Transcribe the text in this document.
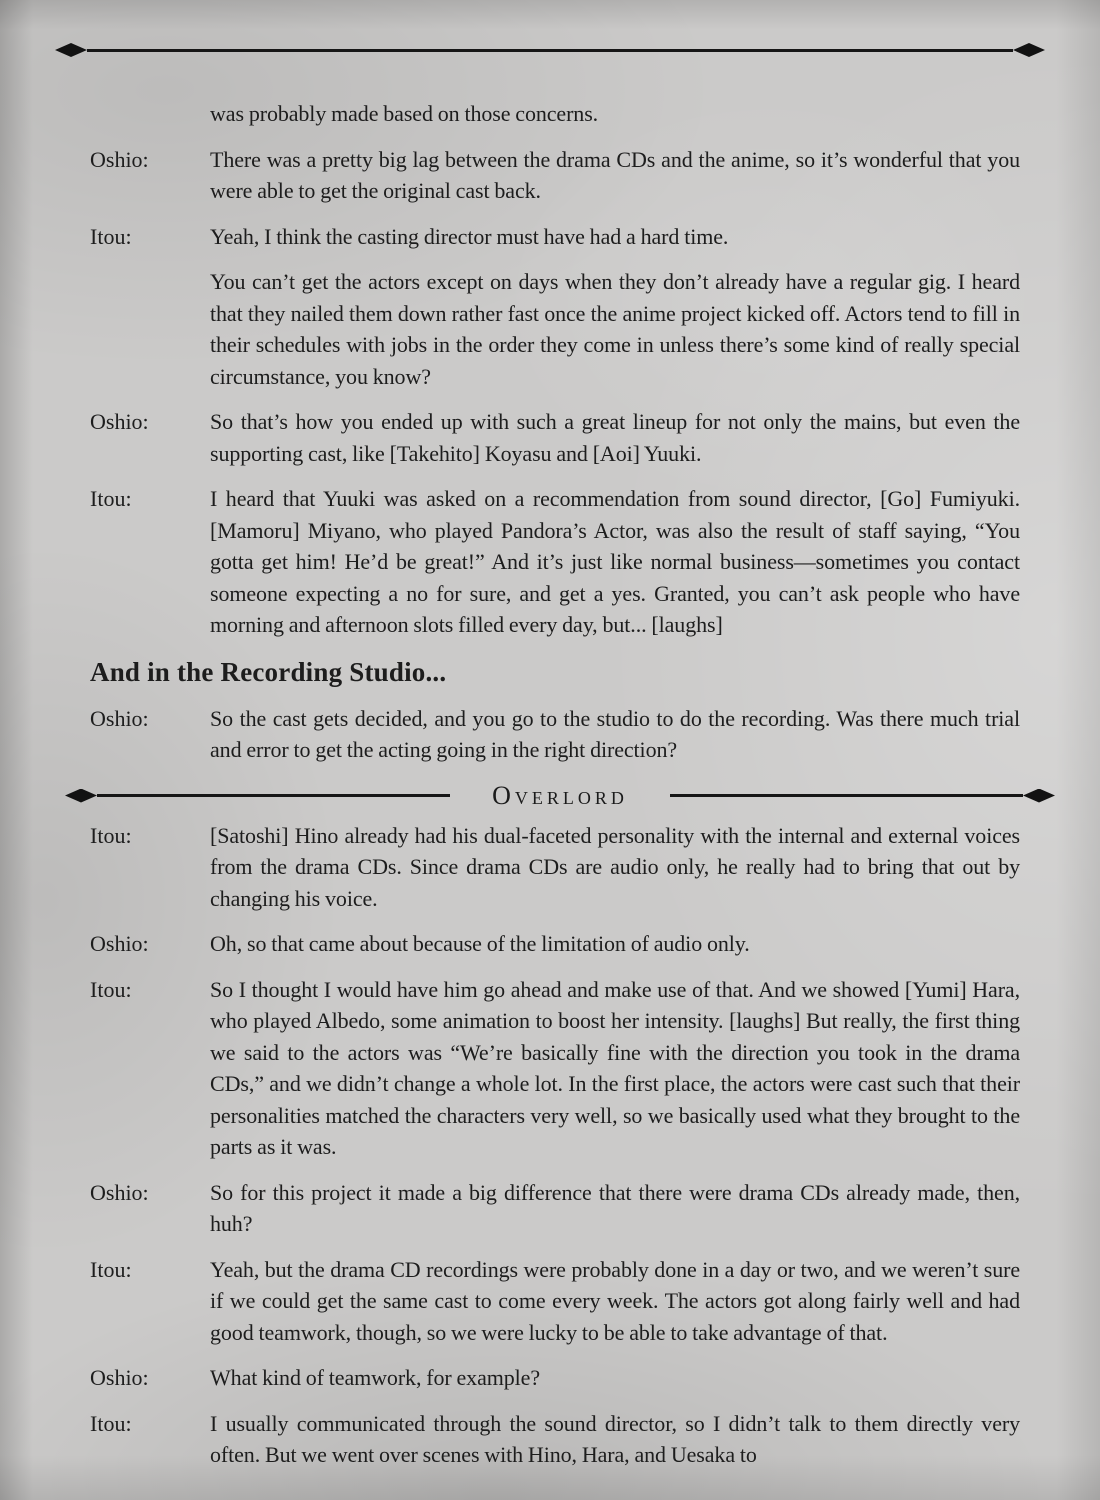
was probably made based on those concerns.
Oshio:	There was a pretty big lag between the drama CDs and the anime, so it’s wonderful that you were able to get the original cast back.
Itou:	Yeah, I think the casting director must have had a hard time.
You can’t get the actors except on days when they don’t already have a regular gig. I heard that they nailed them down rather fast once the anime project kicked off. Actors tend to fill in their schedules with jobs in the order they come in unless there’s some kind of really special circumstance, you know?
Oshio:	So that’s how you ended up with such a great lineup for not only the mains, but even the supporting cast, like [Takehito] Koyasu and [Aoi] Yuuki.
Itou:	I heard that Yuuki was asked on a recommendation from sound director, [Go] Fumiyuki. [Mamoru] Miyano, who played Pandora’s Actor, was also the result of staff saying, “You gotta get him! He’d be great!” And it’s just like normal business—sometimes you contact someone expecting a no for sure, and get a yes. Granted, you can’t ask people who have morning and afternoon slots filled every day, but... [laughs]
And in the Recording Studio...
Oshio:	So the cast gets decided, and you go to the studio to do the recording. Was there much trial and error to get the acting going in the right direction?
Overlord
Itou:	[Satoshi] Hino already had his dual-faceted personality with the internal and external voices from the drama CDs. Since drama CDs are audio only, he really had to bring that out by changing his voice.
Oshio:	Oh, so that came about because of the limitation of audio only.
Itou:	So I thought I would have him go ahead and make use of that. And we showed [Yumi] Hara, who played Albedo, some animation to boost her intensity. [laughs] But really, the first thing we said to the actors was “We’re basically fine with the direction you took in the drama CDs,” and we didn’t change a whole lot. In the first place, the actors were cast such that their personalities matched the characters very well, so we basically used what they brought to the parts as it was.
Oshio:	So for this project it made a big difference that there were drama CDs already made, then, huh?
Itou:	Yeah, but the drama CD recordings were probably done in a day or two, and we weren’t sure if we could get the same cast to come every week. The actors got along fairly well and had good teamwork, though, so we were lucky to be able to take advantage of that.
Oshio:	What kind of teamwork, for example?
Itou:	I usually communicated through the sound director, so I didn’t talk to them directly very often. But we went over scenes with Hino, Hara, and Uesaka to
